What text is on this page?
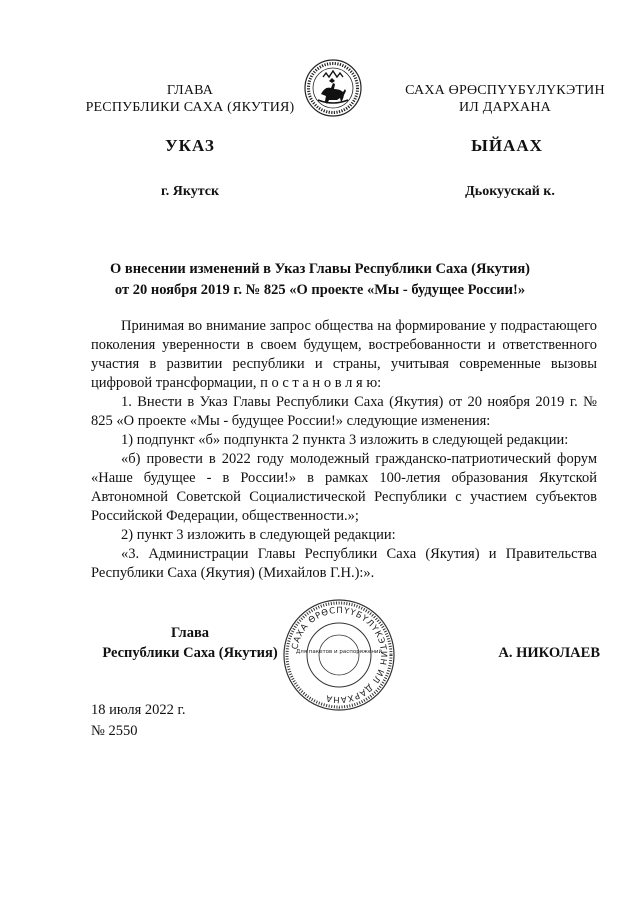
ГЛАВА
РЕСПУБЛИКИ САХА (ЯКУТИЯ)
САХА ӨРӨСПҮҮБҮЛҮКЭТИН
ИЛ ДАРХАНА
УКАЗ	ЫЙААХ
г. Якутск	Дьокуускай к.
О внесении изменений в Указ Главы Республики Саха (Якутия)
от 20 ноября 2019 г. № 825 «О проекте «Мы - будущее России!»

Принимая во внимание запрос общества на формирование у подрастающего поколения уверенности в своем будущем, востребованности и ответственного участия в развитии республики и страны, учитывая современные вызовы цифровой трансформации, п о с т а н о в л я ю:

1. Внести в Указ Главы Республики Саха (Якутия) от 20 ноября 2019 г. № 825 «О проекте «Мы - будущее России!» следующие изменения:

1) подпункт «б» подпункта 2 пункта 3 изложить в следующей редакции:

«б) провести в 2022 году молодежный гражданско-патриотический форум «Наше будущее - в России!» в рамках 100-летия образования Якутской Автономной Советской Социалистической Республики с участием субъектов Российской Федерации, общественности.»;

2) пункт 3 изложить в следующей редакции:

«3. Администрации Главы Республики Саха (Якутия) и Правительства Республики Саха (Якутия) (Михайлов Г.Н.):».

Глава
Республики Саха (Якутия)	САХА ӨРӨСПҮҮБҮЛҮКЭТИН ИЛ ДАРХАНА
Для пакетов и распоряжений	А. НИКОЛАЕВ
18 июля 2022 г.
№ 2550
